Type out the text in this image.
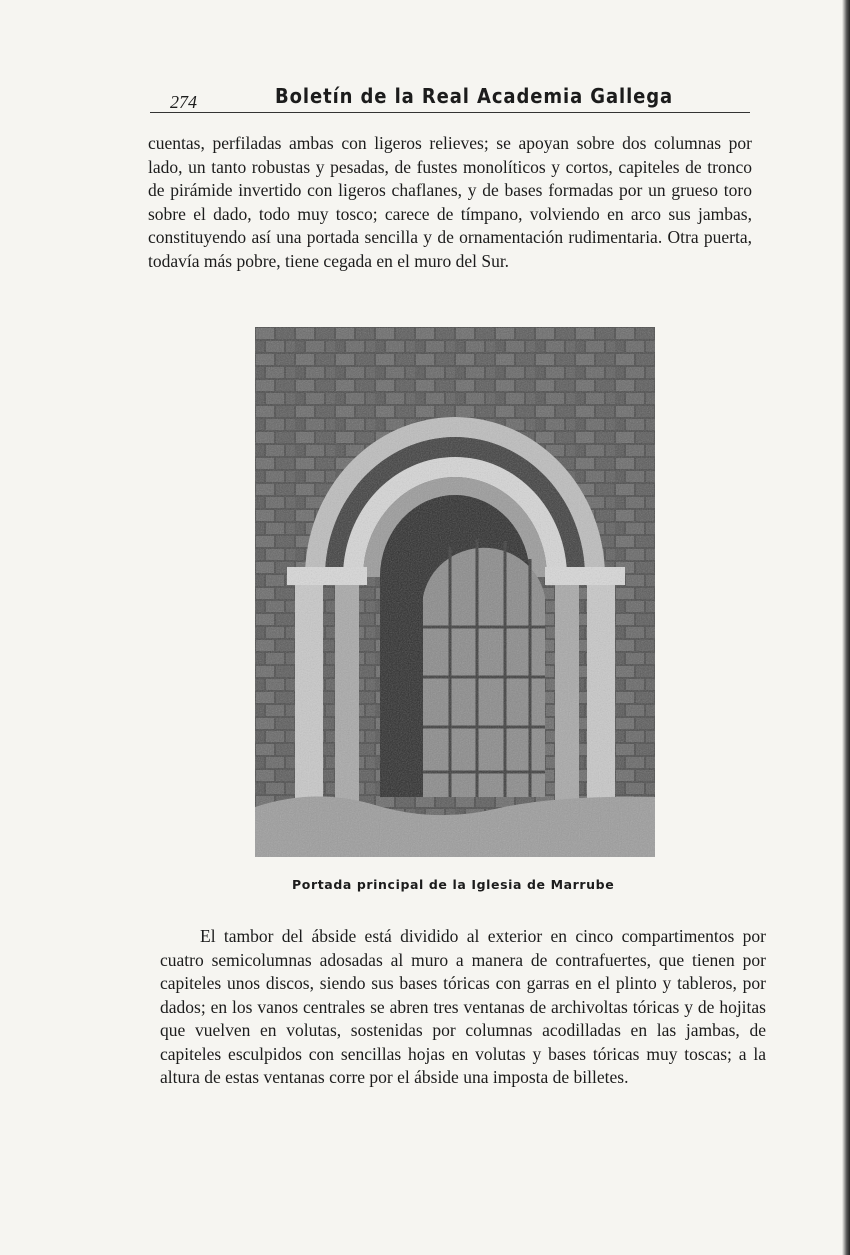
274	Boletín de la Real Academia Gallega

cuentas, perfiladas ambas con ligeros relieves; se apoyan sobre dos columnas por lado, un tanto robustas y pesadas, de fustes monolíticos y cortos, capiteles de tronco de pirámide invertido con ligeros chaflanes, y de bases formadas por un grueso toro sobre el dado, todo muy tosco; carece de tímpano, volviendo en arco sus jambas, constituyendo así una portada sencilla y de ornamentación rudimentaria. Otra puerta, todavía más pobre, tiene cegada en el muro del Sur.

Portada principal de la Iglesia de Marrube

El tambor del ábside está dividido al exterior en cinco compartimentos por cuatro semicolumnas adosadas al muro a manera de contrafuertes, que tienen por capiteles unos discos, siendo sus bases tóricas con garras en el plinto y tableros, por dados; en los vanos centrales se abren tres ventanas de archivoltas tóricas y de hojitas que vuelven en volutas, sostenidas por columnas acodilladas en las jambas, de capiteles esculpidos con sencillas hojas en volutas y bases tóricas muy toscas; a la altura de estas ventanas corre por el ábside una imposta de billetes.
